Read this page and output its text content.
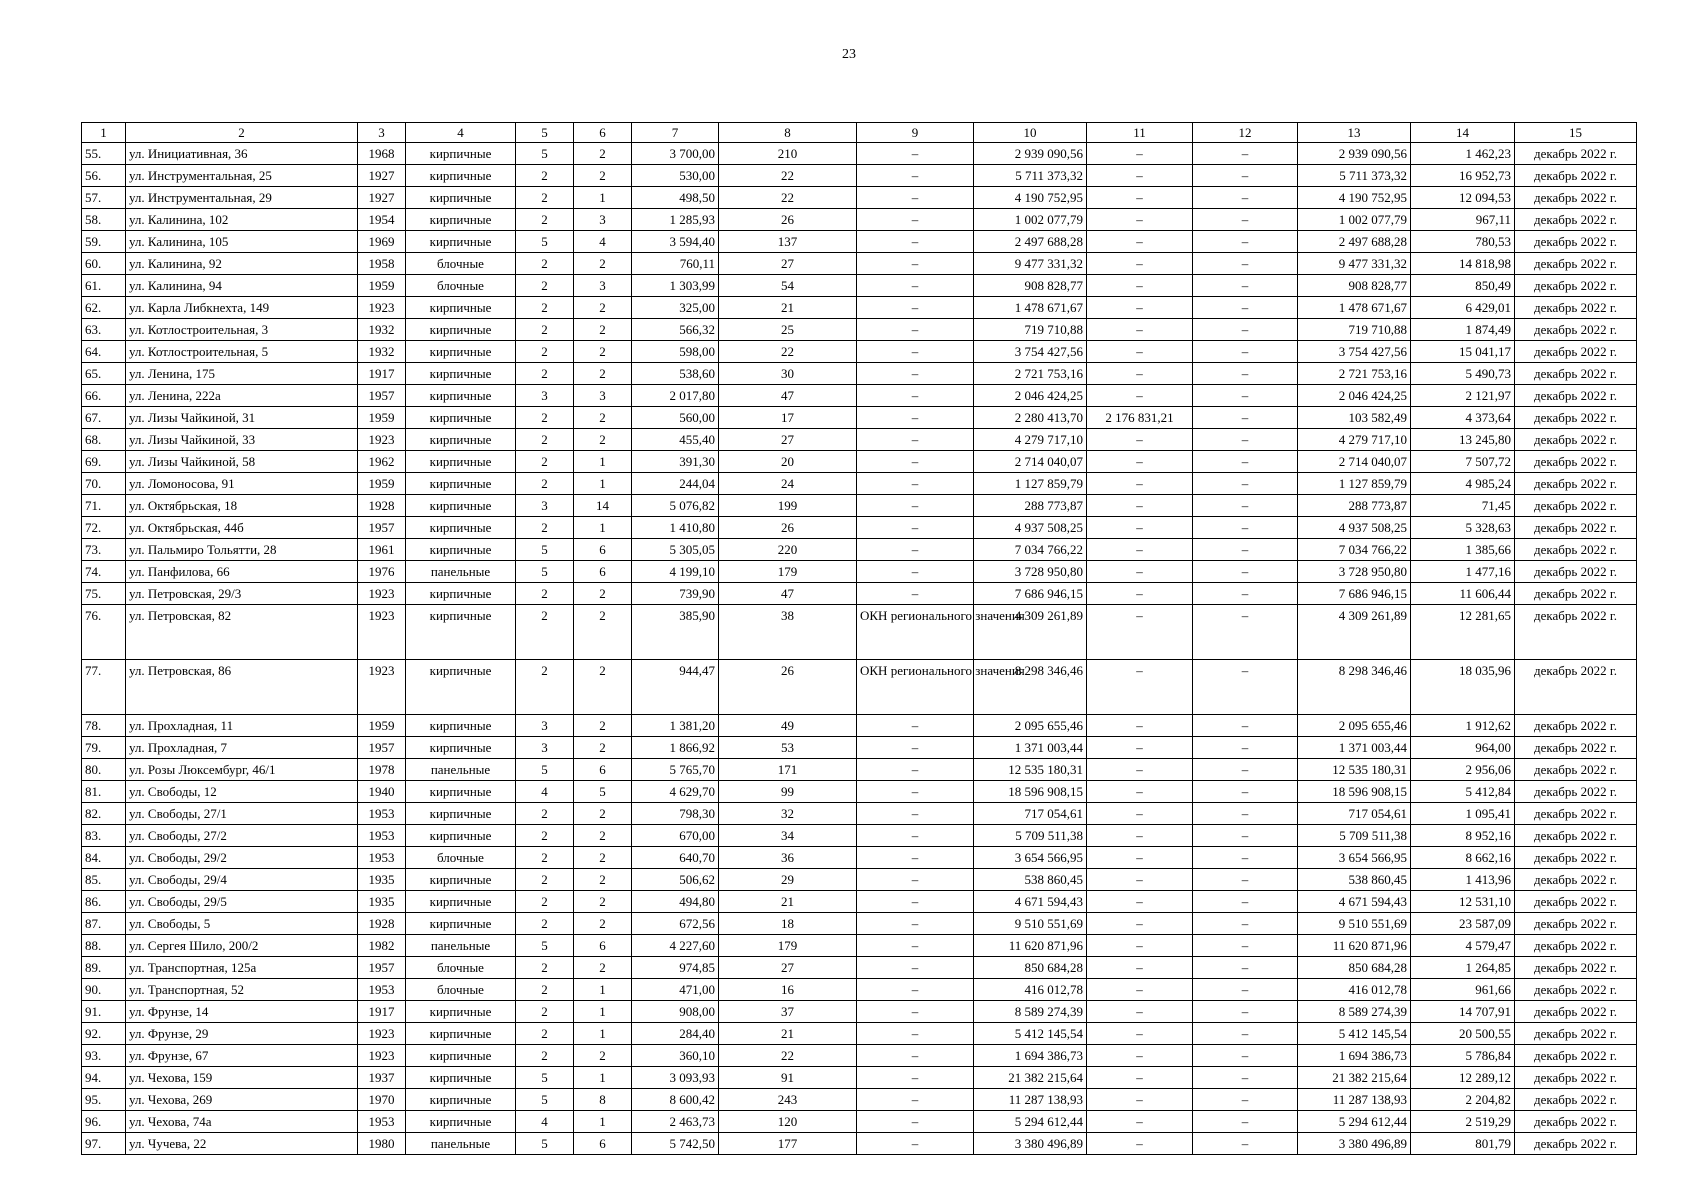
23
1	2	3	4	5	6	7	8	9	10	11	12	13	14	15
55.	ул. Инициативная, 36	1968	кирпичные	5	2	3 700,00	210	–	2 939 090,56	–	–	2 939 090,56	1 462,23	декабрь 2022 г.
56.	ул. Инструментальная, 25	1927	кирпичные	2	2	530,00	22	–	5 711 373,32	–	–	5 711 373,32	16 952,73	декабрь 2022 г.
57.	ул. Инструментальная, 29	1927	кирпичные	2	1	498,50	22	–	4 190 752,95	–	–	4 190 752,95	12 094,53	декабрь 2022 г.
58.	ул. Калинина, 102	1954	кирпичные	2	3	1 285,93	26	–	1 002 077,79	–	–	1 002 077,79	967,11	декабрь 2022 г.
59.	ул. Калинина, 105	1969	кирпичные	5	4	3 594,40	137	–	2 497 688,28	–	–	2 497 688,28	780,53	декабрь 2022 г.
60.	ул. Калинина, 92	1958	блочные	2	2	760,11	27	–	9 477 331,32	–	–	9 477 331,32	14 818,98	декабрь 2022 г.
61.	ул. Калинина, 94	1959	блочные	2	3	1 303,99	54	–	908 828,77	–	–	908 828,77	850,49	декабрь 2022 г.
62.	ул. Карла Либкнехта, 149	1923	кирпичные	2	2	325,00	21	–	1 478 671,67	–	–	1 478 671,67	6 429,01	декабрь 2022 г.
63.	ул. Котлостроительная, 3	1932	кирпичные	2	2	566,32	25	–	719 710,88	–	–	719 710,88	1 874,49	декабрь 2022 г.
64.	ул. Котлостроительная, 5	1932	кирпичные	2	2	598,00	22	–	3 754 427,56	–	–	3 754 427,56	15 041,17	декабрь 2022 г.
65.	ул. Ленина, 175	1917	кирпичные	2	2	538,60	30	–	2 721 753,16	–	–	2 721 753,16	5 490,73	декабрь 2022 г.
66.	ул. Ленина, 222а	1957	кирпичные	3	3	2 017,80	47	–	2 046 424,25	–	–	2 046 424,25	2 121,97	декабрь 2022 г.
67.	ул. Лизы Чайкиной, 31	1959	кирпичные	2	2	560,00	17	–	2 280 413,70	2 176 831,21	–	103 582,49	4 373,64	декабрь 2022 г.
68.	ул. Лизы Чайкиной, 33	1923	кирпичные	2	2	455,40	27	–	4 279 717,10	–	–	4 279 717,10	13 245,80	декабрь 2022 г.
69.	ул. Лизы Чайкиной, 58	1962	кирпичные	2	1	391,30	20	–	2 714 040,07	–	–	2 714 040,07	7 507,72	декабрь 2022 г.
70.	ул. Ломоносова, 91	1959	кирпичные	2	1	244,04	24	–	1 127 859,79	–	–	1 127 859,79	4 985,24	декабрь 2022 г.
71.	ул. Октябрьская, 18	1928	кирпичные	3	14	5 076,82	199	–	288 773,87	–	–	288 773,87	71,45	декабрь 2022 г.
72.	ул. Октябрьская, 44б	1957	кирпичные	2	1	1 410,80	26	–	4 937 508,25	–	–	4 937 508,25	5 328,63	декабрь 2022 г.
73.	ул. Пальмиро Тольятти, 28	1961	кирпичные	5	6	5 305,05	220	–	7 034 766,22	–	–	7 034 766,22	1 385,66	декабрь 2022 г.
74.	ул. Панфилова, 66	1976	панельные	5	6	4 199,10	179	–	3 728 950,80	–	–	3 728 950,80	1 477,16	декабрь 2022 г.
75.	ул. Петровская, 29/3	1923	кирпичные	2	2	739,90	47	–	7 686 946,15	–	–	7 686 946,15	11 606,44	декабрь 2022 г.
76.	ул. Петровская, 82	1923	кирпичные	2	2	385,90	38	ОКН регионального значения	4 309 261,89	–	–	4 309 261,89	12 281,65	декабрь 2022 г.
77.	ул. Петровская, 86	1923	кирпичные	2	2	944,47	26	ОКН регионального значения	8 298 346,46	–	–	8 298 346,46	18 035,96	декабрь 2022 г.
78.	ул. Прохладная, 11	1959	кирпичные	3	2	1 381,20	49	–	2 095 655,46	–	–	2 095 655,46	1 912,62	декабрь 2022 г.
79.	ул. Прохладная, 7	1957	кирпичные	3	2	1 866,92	53	–	1 371 003,44	–	–	1 371 003,44	964,00	декабрь 2022 г.
80.	ул. Розы Люксембург, 46/1	1978	панельные	5	6	5 765,70	171	–	12 535 180,31	–	–	12 535 180,31	2 956,06	декабрь 2022 г.
81.	ул. Свободы, 12	1940	кирпичные	4	5	4 629,70	99	–	18 596 908,15	–	–	18 596 908,15	5 412,84	декабрь 2022 г.
82.	ул. Свободы, 27/1	1953	кирпичные	2	2	798,30	32	–	717 054,61	–	–	717 054,61	1 095,41	декабрь 2022 г.
83.	ул. Свободы, 27/2	1953	кирпичные	2	2	670,00	34	–	5 709 511,38	–	–	5 709 511,38	8 952,16	декабрь 2022 г.
84.	ул. Свободы, 29/2	1953	блочные	2	2	640,70	36	–	3 654 566,95	–	–	3 654 566,95	8 662,16	декабрь 2022 г.
85.	ул. Свободы, 29/4	1935	кирпичные	2	2	506,62	29	–	538 860,45	–	–	538 860,45	1 413,96	декабрь 2022 г.
86.	ул. Свободы, 29/5	1935	кирпичные	2	2	494,80	21	–	4 671 594,43	–	–	4 671 594,43	12 531,10	декабрь 2022 г.
87.	ул. Свободы, 5	1928	кирпичные	2	2	672,56	18	–	9 510 551,69	–	–	9 510 551,69	23 587,09	декабрь 2022 г.
88.	ул. Сергея Шило, 200/2	1982	панельные	5	6	4 227,60	179	–	11 620 871,96	–	–	11 620 871,96	4 579,47	декабрь 2022 г.
89.	ул. Транспортная, 125а	1957	блочные	2	2	974,85	27	–	850 684,28	–	–	850 684,28	1 264,85	декабрь 2022 г.
90.	ул. Транспортная, 52	1953	блочные	2	1	471,00	16	–	416 012,78	–	–	416 012,78	961,66	декабрь 2022 г.
91.	ул. Фрунзе, 14	1917	кирпичные	2	1	908,00	37	–	8 589 274,39	–	–	8 589 274,39	14 707,91	декабрь 2022 г.
92.	ул. Фрунзе, 29	1923	кирпичные	2	1	284,40	21	–	5 412 145,54	–	–	5 412 145,54	20 500,55	декабрь 2022 г.
93.	ул. Фрунзе, 67	1923	кирпичные	2	2	360,10	22	–	1 694 386,73	–	–	1 694 386,73	5 786,84	декабрь 2022 г.
94.	ул. Чехова, 159	1937	кирпичные	5	1	3 093,93	91	–	21 382 215,64	–	–	21 382 215,64	12 289,12	декабрь 2022 г.
95.	ул. Чехова, 269	1970	кирпичные	5	8	8 600,42	243	–	11 287 138,93	–	–	11 287 138,93	2 204,82	декабрь 2022 г.
96.	ул. Чехова, 74а	1953	кирпичные	4	1	2 463,73	120	–	5 294 612,44	–	–	5 294 612,44	2 519,29	декабрь 2022 г.
97.	ул. Чучева, 22	1980	панельные	5	6	5 742,50	177	–	3 380 496,89	–	–	3 380 496,89	801,79	декабрь 2022 г.
